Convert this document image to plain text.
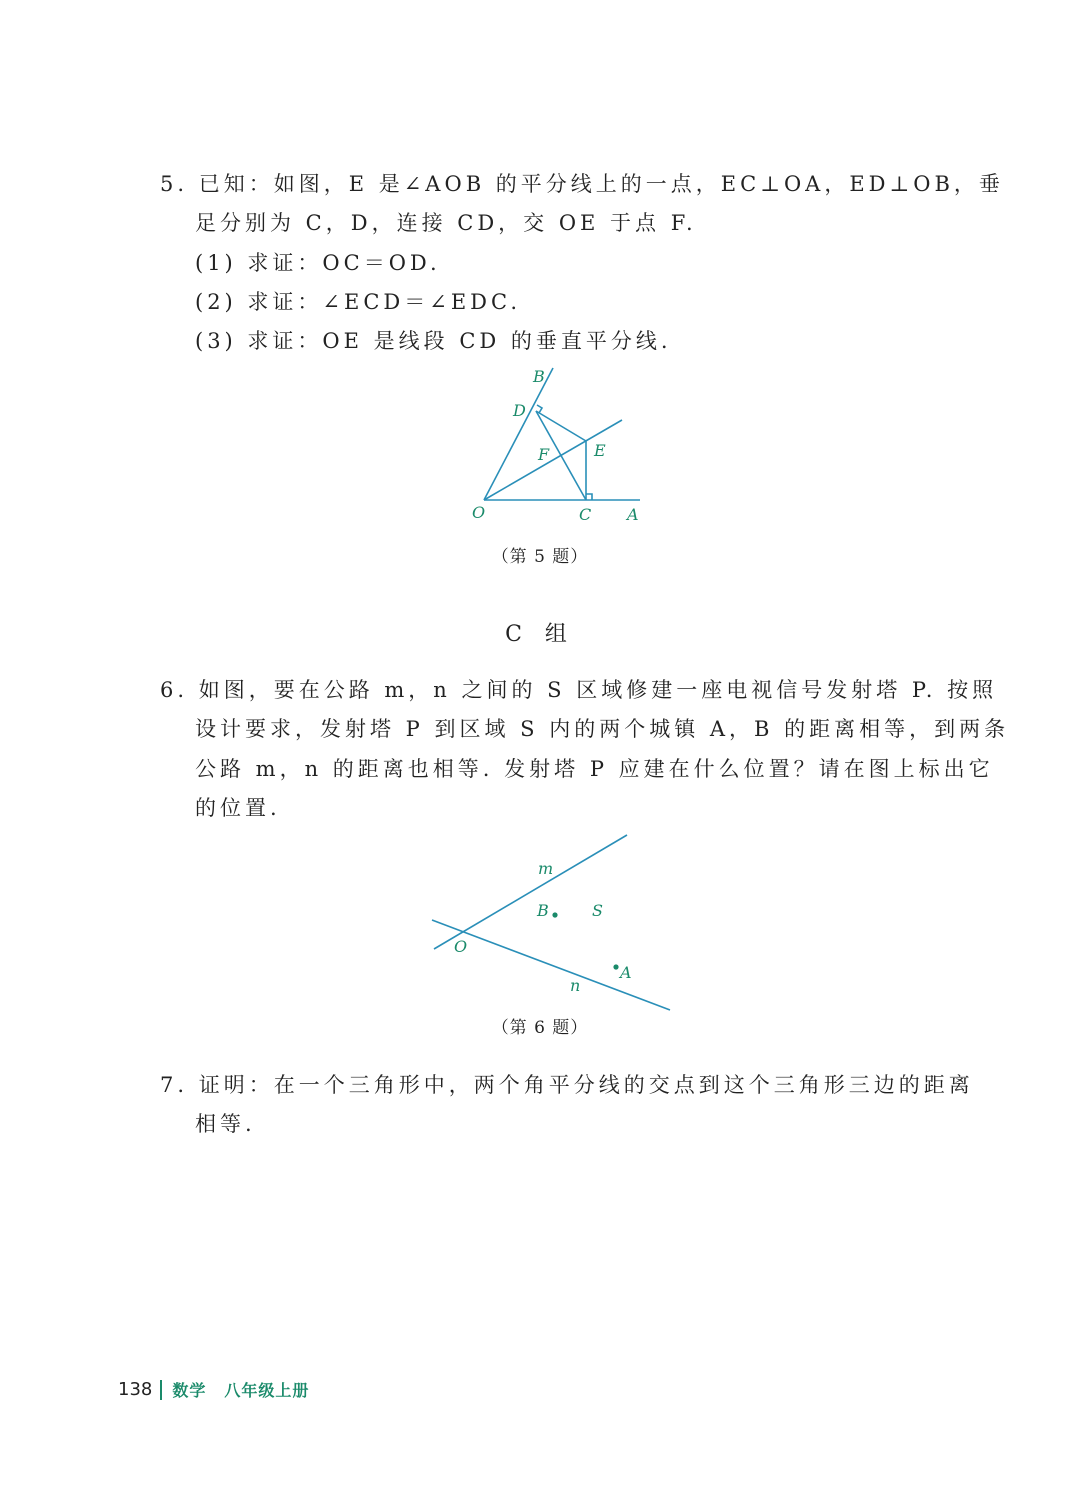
5. 已知：如图，E 是∠AOB 的平分线上的一点，EC⊥OA，ED⊥OB，垂
足分别为 C，D，连接 CD，交 OE 于点 F.
(1) 求证：OC＝OD.
(2) 求证：∠ECD＝∠EDC.
(3) 求证：OE 是线段 CD 的垂直平分线.
B
D
E
F
O	C A
（第 5 题）
C 组
6. 如图，要在公路 m，n 之间的 S 区域修建一座电视信号发射塔 P. 按照
设计要求，发射塔 P 到区域 S 内的两个城镇 A，B 的距离相等，到两条
公路 m，n 的距离也相等. 发射塔 P 应建在什么位置？请在图上标出它
的位置.
m
B	S
O
A
n
（第 6 题）
7. 证明：在一个三角形中，两个角平分线的交点到这个三角形三边的距离
相等.
138 数学 八年级上册
